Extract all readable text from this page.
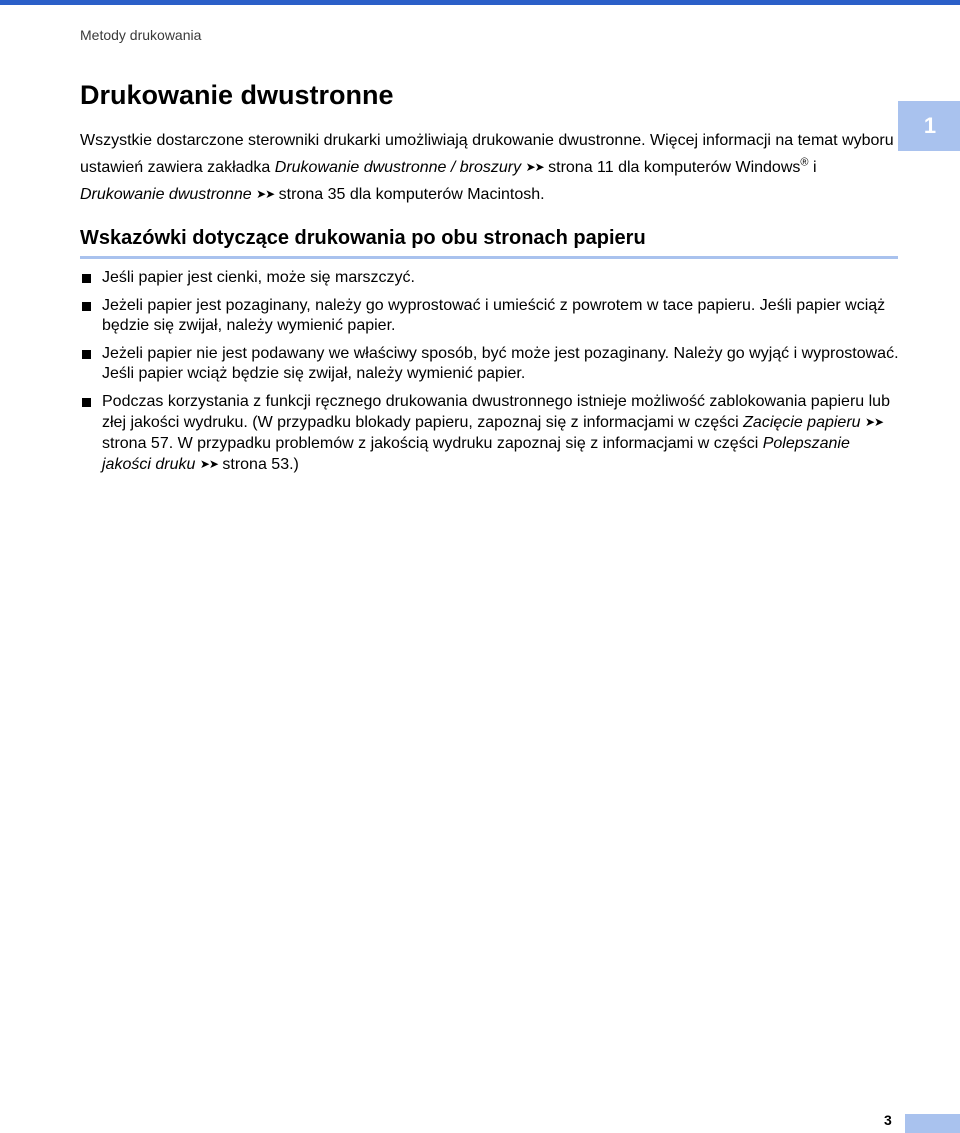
Metody drukowania
1
Drukowanie dwustronne

Wszystkie dostarczone sterowniki drukarki umożliwiają drukowanie dwustronne. Więcej informacji na temat wyboru ustawień zawiera zakładka Drukowanie dwustronne / broszury ➤➤ strona 11 dla komputerów Windows® i Drukowanie dwustronne ➤➤ strona 35 dla komputerów Macintosh.

Wskazówki dotyczące drukowania po obu stronach papieru
Jeśli papier jest cienki, może się marszczyć.
Jeżeli papier jest pozaginany, należy go wyprostować i umieścić z powrotem w tace papieru. Jeśli papier wciąż będzie się zwijał, należy wymienić papier.
Jeżeli papier nie jest podawany we właściwy sposób, być może jest pozaginany. Należy go wyjąć i wyprostować. Jeśli papier wciąż będzie się zwijał, należy wymienić papier.
Podczas korzystania z funkcji ręcznego drukowania dwustronnego istnieje możliwość zablokowania papieru lub złej jakości wydruku. (W przypadku blokady papieru, zapoznaj się z informacjami w części Zacięcie papieru ➤➤ strona 57. W przypadku problemów z jakością wydruku zapoznaj się z informacjami w części Polepszanie jakości druku ➤➤ strona 53.)
3
